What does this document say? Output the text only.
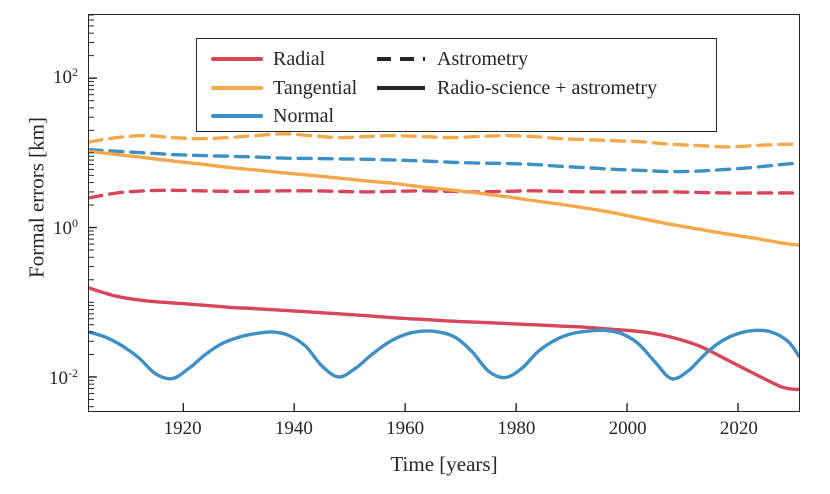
Formal errors [km]
Radial
Tangential
Normal
Astrometry
Radio-science + astrometry
1920	1940	1960	1980	2000	2020
$10^{-2}$
$10^0$
$10^2$
Time [years]
